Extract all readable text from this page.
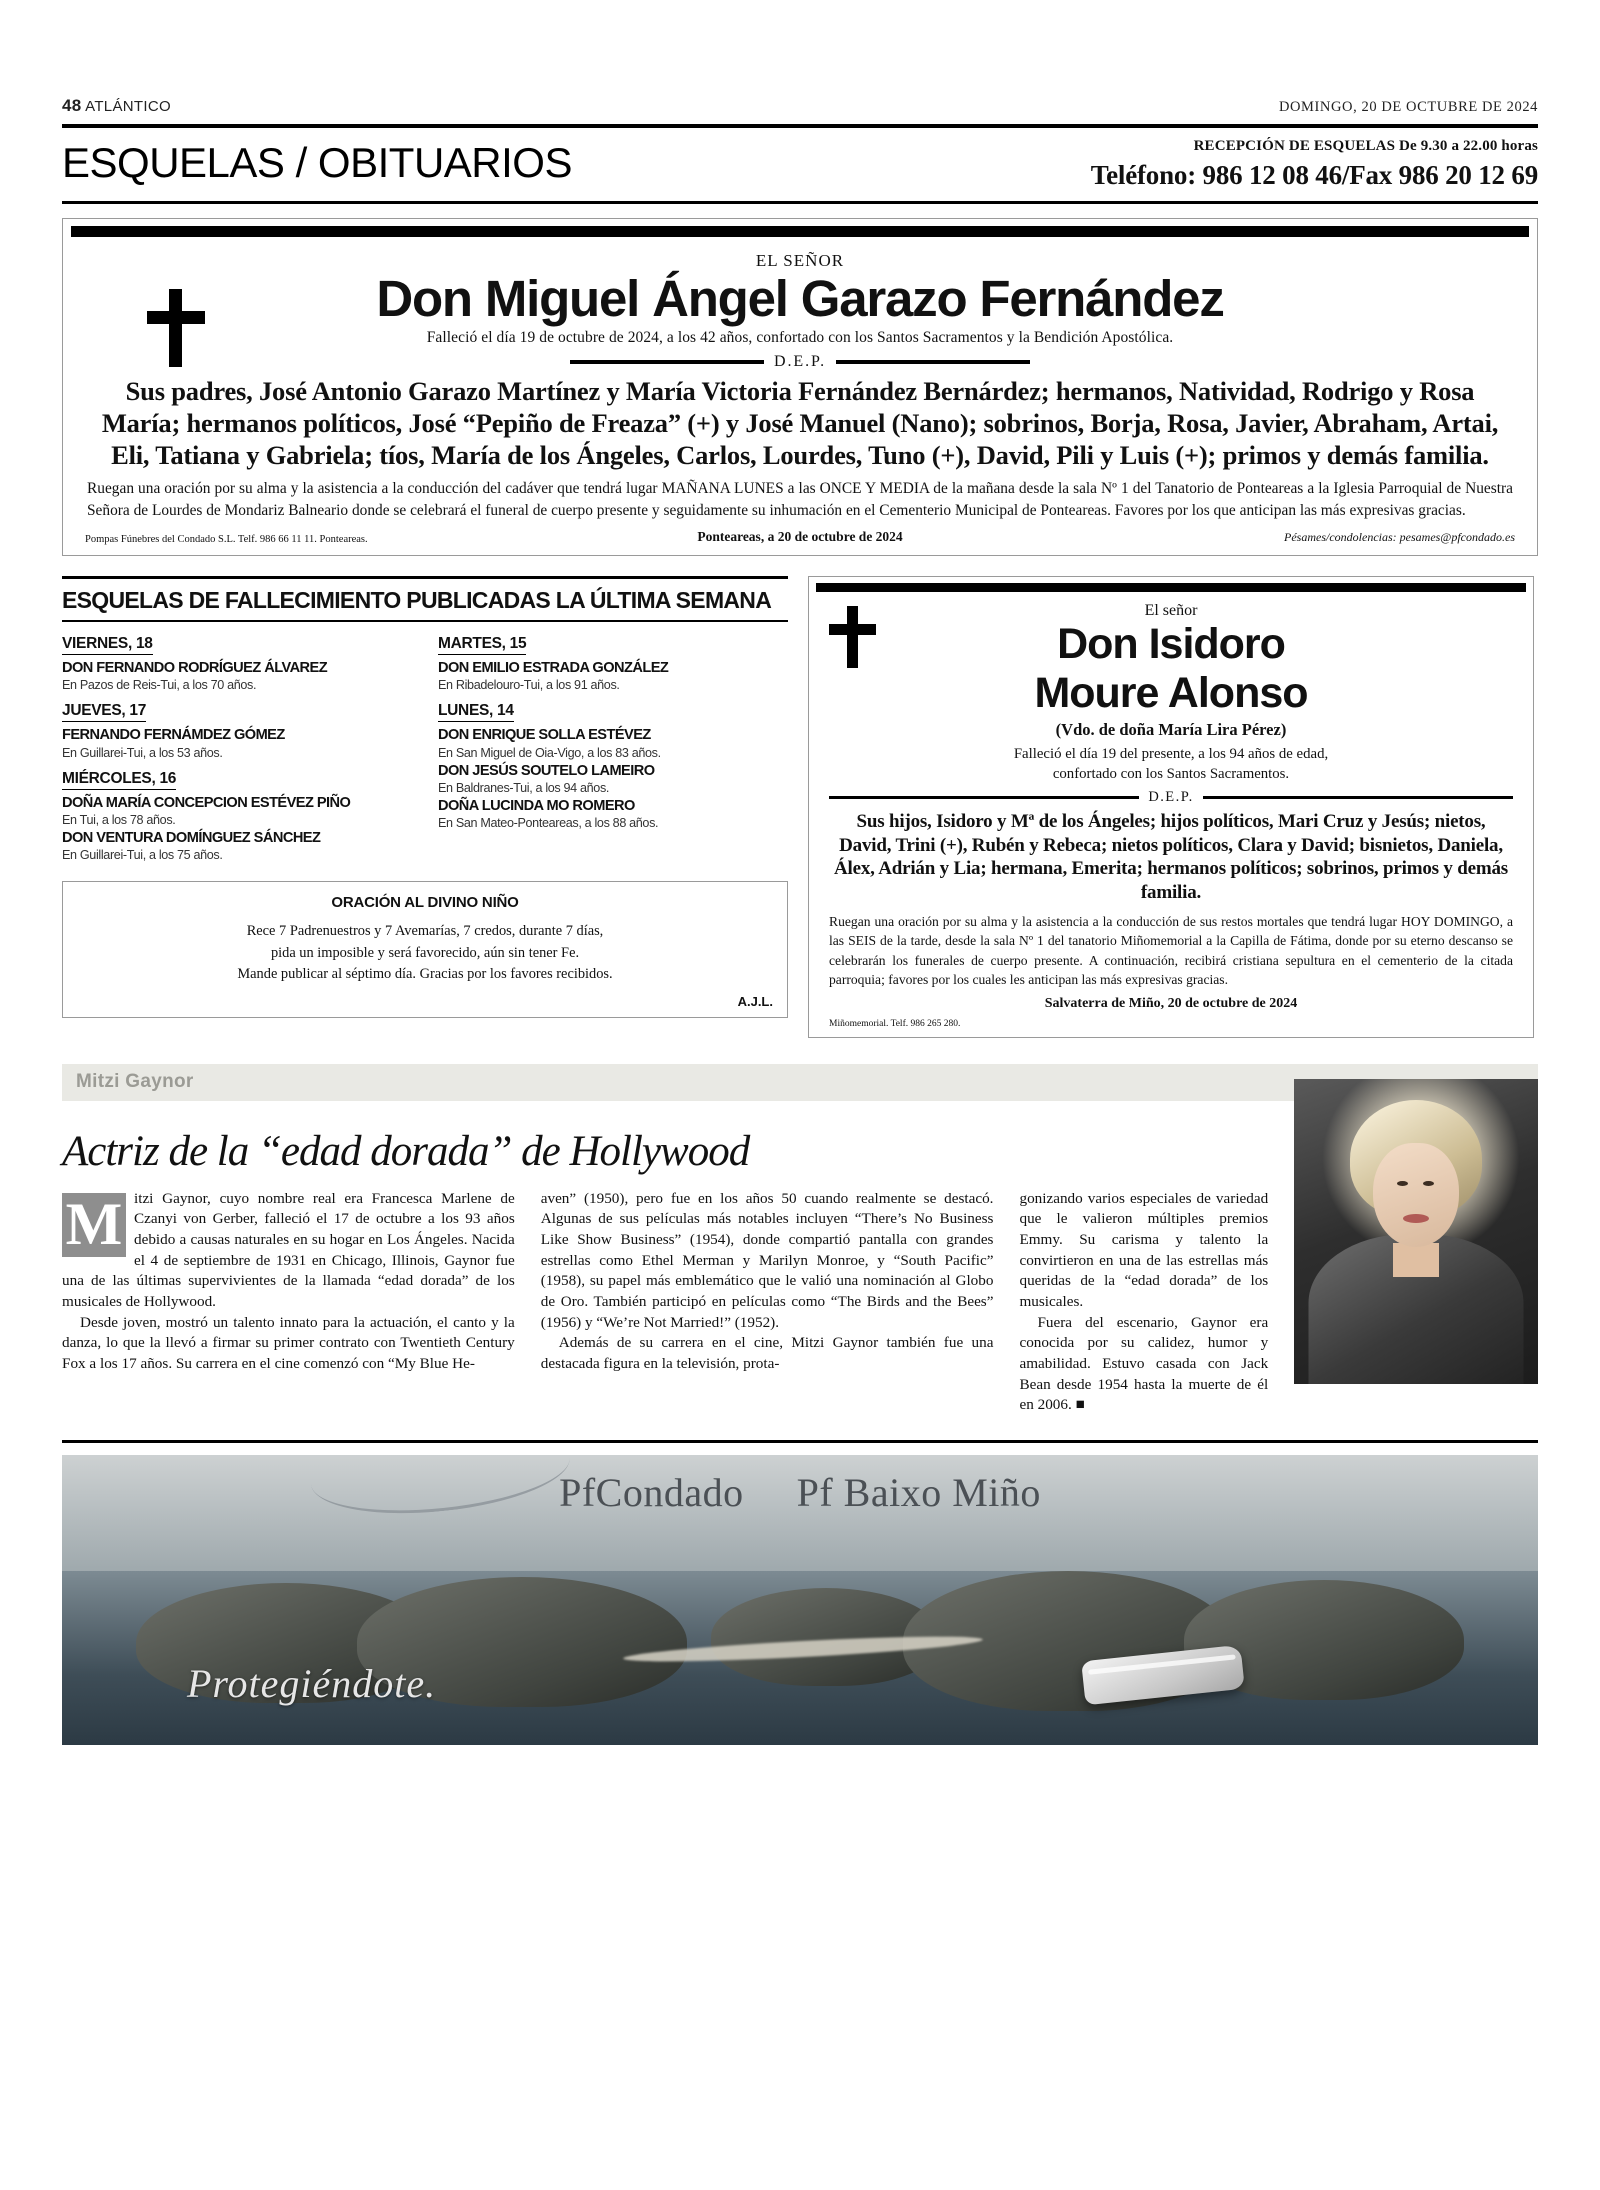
48 ATLÁNTICO	DOMINGO, 20 DE OCTUBRE DE 2024
ESQUELAS / OBITUARIOS	RECEPCIÓN DE ESQUELAS De 9.30 a 22.00 horas
Teléfono: 986 12 08 46/Fax 986 20 12 69
EL SEÑOR
Don Miguel Ángel Garazo Fernández
Falleció el día 19 de octubre de 2024, a los 42 años, confortado con los Santos Sacramentos y la Bendición Apostólica.
D.E.P.
Sus padres, José Antonio Garazo Martínez y María Victoria Fernández Bernárdez; hermanos, Natividad, Rodrigo y Rosa María; hermanos políticos, José “Pepiño de Freaza” (+) y José Manuel (Nano); sobrinos, Borja, Rosa, Javier, Abraham, Artai, Eli, Tatiana y Gabriela; tíos, María de los Ángeles, Carlos, Lourdes, Tuno (+), David, Pili y Luis (+); primos y demás familia.
Ruegan una oración por su alma y la asistencia a la conducción del cadáver que tendrá lugar MAÑANA LUNES a las ONCE Y MEDIA de la mañana desde la sala Nº 1 del Tanatorio de Ponteareas a la Iglesia Parroquial de Nuestra Señora de Lourdes de Mondariz Balneario donde se celebrará el funeral de cuerpo presente y seguidamente su inhumación en el Cementerio Municipal de Ponteareas. Favores por los que anticipan las más expresivas gracias.
Pompas Fúnebres del Condado S.L. Telf. 986 66 11 11. Ponteareas.	Ponteareas, a 20 de octubre de 2024	Pésames/condolencias: pesames@pfcondado.es
ESQUELAS DE FALLECIMIENTO PUBLICADAS LA ÚLTIMA SEMANA
VIERNES, 18
DON FERNANDO RODRÍGUEZ ÁLVAREZ
En Pazos de Reis-Tui, a los 70 años.
JUEVES, 17
FERNANDO FERNÁMDEZ GÓMEZ
En Guillarei-Tui, a los 53 años.
MIÉRCOLES, 16
DOÑA MARÍA CONCEPCION ESTÉVEZ PIÑO
En Tui, a los 78 años.
DON VENTURA DOMÍNGUEZ SÁNCHEZ
En Guillarei-Tui, a los 75 años.
MARTES, 15
DON EMILIO ESTRADA GONZÁLEZ
En Ribadelouro-Tui, a los 91 años.
LUNES, 14
DON ENRIQUE SOLLA ESTÉVEZ
En San Miguel de Oia-Vigo, a los 83 años.
DON JESÚS SOUTELO LAMEIRO
En Baldranes-Tui, a los 94 años.
DOÑA LUCINDA MO ROMERO
En San Mateo-Ponteareas, a los 88 años.
ORACIÓN AL DIVINO NIÑO

Rece 7 Padrenuestros y 7 Avemarías, 7 credos, durante 7 días,

pida un imposible y será favorecido, aún sin tener Fe.

Mande publicar al séptimo día. Gracias por los favores recibidos.

A.J.L.
El señor
Don Isidoro
Moure Alonso
(Vdo. de doña María Lira Pérez)
Falleció el día 19 del presente, a los 94 años de edad,
confortado con los Santos Sacramentos.
D.E.P.
Sus hijos, Isidoro y Mª de los Ángeles; hijos políticos, Mari Cruz y Jesús; nietos, David, Trini (+), Rubén y Rebeca; nietos políticos, Clara y David; bisnietos, Daniela, Álex, Adrián y Lia; hermana, Emerita; hermanos políticos; sobrinos, primos y demás familia.
Ruegan una oración por su alma y la asistencia a la conducción de sus restos mortales que tendrá lugar HOY DOMINGO, a las SEIS de la tarde, desde la sala Nº 1 del tanatorio Miñomemorial a la Capilla de Fátima, donde por su eterno descanso se celebrarán los funerales de cuerpo presente. A continuación, recibirá cristiana sepultura en el cementerio de la citada parroquia; favores por los cuales les anticipan las más expresivas gracias.
Salvaterra de Miño, 20 de octubre de 2024
Miñomemorial. Telf. 986 265 280.
Mitzi Gaynor
Actriz de la “edad dorada” de Hollywood

M itzi Gaynor, cuyo nombre real era Francesca Marlene de Czanyi von Gerber, falleció el 17 de octubre a los 93 años debido a causas naturales en su hogar en Los Ángeles. Nacida el 4 de septiembre de 1931 en Chicago, Illinois, Gaynor fue una de las últimas supervivientes de la llamada “edad dorada” de los musicales de Hollywood.

Desde joven, mostró un talento innato para la actuación, el canto y la danza, lo que la llevó a firmar su primer contrato con Twentieth Century Fox a los 17 años. Su carrera en el cine comenzó con “My Blue He-

aven” (1950), pero fue en los años 50 cuando realmente se destacó. Algunas de sus películas más notables incluyen “There’s No Business Like Show Business” (1954), donde compartió pantalla con grandes estrellas como Ethel Merman y Marilyn Monroe, y “South Pacific” (1958), su papel más emblemático que le valió una nominación al Globo de Oro. También participó en películas como “The Birds and the Bees” (1956) y “We’re Not Married!” (1952).

Además de su carrera en el cine, Mitzi Gaynor también fue una destacada figura en la televisión, prota-

gonizando varios especiales de variedad que le valieron múltiples premios Emmy. Su carisma y talento la convirtieron en una de las estrellas más queridas de la “edad dorada” de los musicales.

Fuera del escenario, Gaynor era conocida por su calidez, humor y amabilidad. Estuvo casada con Jack Bean desde 1954 hasta la muerte de él en 2006. ■

PfCondado Pf Baixo Miño
Protegiéndote.
